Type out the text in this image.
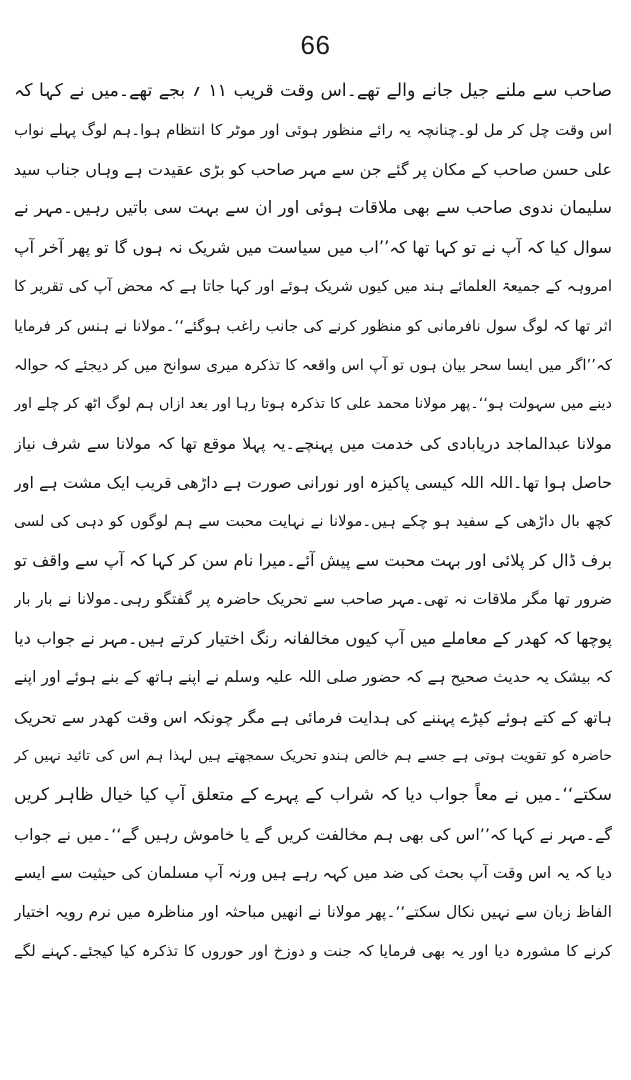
66
صاحب سے ملنے جیل جانے والے تھے۔اس وقت قریب ۱۱ ؍ بجے تھے۔میں نے کہا کہ
اس وقت چل کر مل لو۔چنانچہ یہ رائے منظور ہوئی اور موٹر کا انتظام ہوا۔ہم لوگ پہلے نواب
علی حسن صاحب کے مکان پر گئے جن سے مہر صاحب کو بڑی عقیدت ہے وہاں جناب سید
سلیمان ندوی صاحب سے بھی ملاقات ہوئی اور ان سے بہت سی باتیں رہیں۔مہر نے
سوال کیا کہ آپ نے تو کہا تھا کہ’’اب میں سیاست میں شریک نہ ہوں گا تو پھر آخر آپ
امروہہ کے جمیعۃ العلمائے ہند میں کیوں شریک ہوئے اور کہا جاتا ہے کہ محض آپ کی تقریر کا
اثر تھا کہ لوگ سول نافرمانی کو منظور کرنے کی جانب راغب ہوگئے‘‘۔مولانا نے ہنس کر فرمایا
کہ’’اگر میں ایسا سحر بیان ہوں تو آپ اس واقعہ کا تذکرہ میری سوانح میں کر دیجئے کہ حوالہ
دینے میں سہولت ہو‘‘۔پھر مولانا محمد علی کا تذکرہ ہوتا رہا اور بعد ازاں ہم لوگ اٹھ کر چلے اور
مولانا عبدالماجد دریابادی کی خدمت میں پہنچے۔یہ پہلا موقع تھا کہ مولانا سے شرف نیاز
حاصل ہوا تھا۔اللہ اللہ کیسی پاکیزہ اور نورانی صورت ہے داڑھی قریب ایک مشت ہے اور
کچھ بال داڑھی کے سفید ہو چکے ہیں۔مولانا نے نہایت محبت سے ہم لوگوں کو دہی کی لسی
برف ڈال کر پلائی اور بہت محبت سے پیش آئے۔میرا نام سن کر کہا کہ آپ سے واقف تو
ضرور تھا مگر ملاقات نہ تھی۔مہر صاحب سے تحریک حاضرہ پر گفتگو رہی۔مولانا نے بار بار
پوچھا کہ کھدر کے معاملے میں آپ کیوں مخالفانہ رنگ اختیار کرتے ہیں۔مہر نے جواب دیا
کہ بیشک یہ حدیث صحیح ہے کہ حضور صلی اللہ علیہ وسلم نے اپنے ہاتھ کے بنے ہوئے اور اپنے
ہاتھ کے کتے ہوئے کپڑے پہننے کی ہدایت فرمائی ہے مگر چونکہ اس وقت کھدر سے تحریک
حاضرہ کو تقویت ہوتی ہے جسے ہم خالص ہندو تحریک سمجھتے ہیں لہذا ہم اس کی تائید نہیں کر
سکتے‘‘۔میں نے معاً جواب دیا کہ شراب کے پہرے کے متعلق آپ کیا خیال ظاہر کریں
گے۔مہر نے کہا کہ’’اس کی بھی ہم مخالفت کریں گے یا خاموش رہیں گے‘‘۔میں نے جواب
دیا کہ یہ اس وقت آپ بحث کی ضد میں کہہ رہے ہیں ورنہ آپ مسلمان کی حیثیت سے ایسے
الفاظ زبان سے نہیں نکال سکتے‘‘۔پھر مولانا نے انھیں مباحثہ اور مناظرہ میں نرم رویہ اختیار
کرنے کا مشورہ دیا اور یہ بھی فرمایا کہ جنت و دوزخ اور حوروں کا تذکرہ کیا کیجئے۔کہنے لگے
